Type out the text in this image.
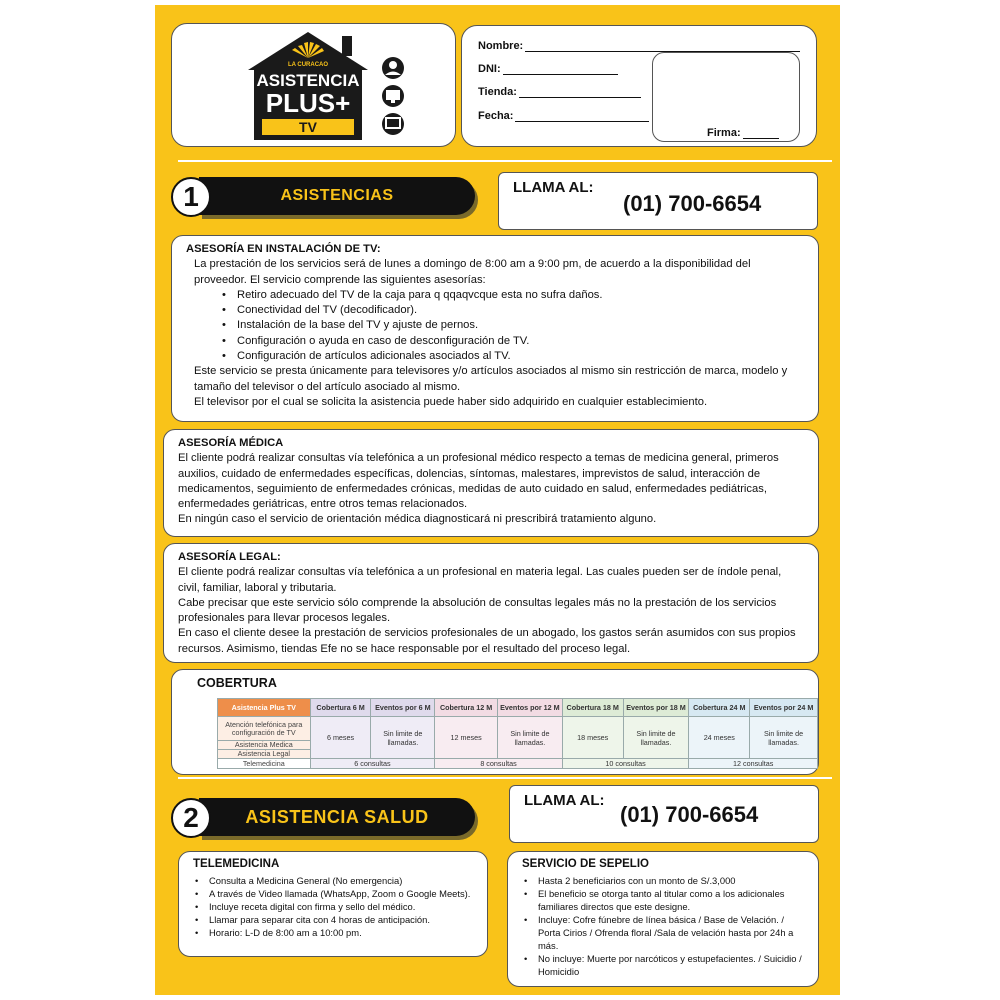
LA CURACAO
ASISTENCIA
PLUS+
TV
Nombre:
DNI:
Tienda:
Fecha:
Firma:
1	ASISTENCIAS	LLAMA AL:
(01) 700-6654
ASESORÍA EN INSTALACIÓN DE TV:
La prestación de los servicios será de lunes a domingo de 8:00 am a 9:00 pm, de acuerdo a la disponibilidad del proveedor. El servicio comprende las siguientes asesorías:
• Retiro adecuado del TV de la caja para q qqaqvcque esta no sufra daños.
• Conectividad del TV (decodificador).
• Instalación de la base del TV y ajuste de pernos.
• Configuración o ayuda en caso de desconfiguración de TV.
• Configuración de artículos adicionales asociados al TV.
Este servicio se presta únicamente para televisores y/o artículos asociados al mismo sin restricción de marca, modelo y tamaño del televisor o del artículo asociado al mismo.
El televisor por el cual se solicita la asistencia puede haber sido adquirido en cualquier establecimiento.
ASESORÍA MÉDICA
El cliente podrá realizar consultas vía telefónica a un profesional médico respecto a temas de medicina general, primeros auxilios, cuidado de enfermedades específicas, dolencias, síntomas, malestares, imprevistos de salud, interacción de medicamentos, seguimiento de enfermedades crónicas, medidas de auto cuidado en salud, enfermedades pediátricas, enfermedades geriátricas, entre otros temas relacionados.
En ningún caso el servicio de orientación médica diagnosticará ni prescribirá tratamiento alguno.
ASESORÍA LEGAL:
El cliente podrá realizar consultas vía telefónica a un profesional en materia legal. Las cuales pueden ser de índole penal, civil, familiar, laboral y tributaria.
Cabe precisar que este servicio sólo comprende la absolución de consultas legales más no la prestación de los servicios profesionales para llevar procesos legales.
En caso el cliente desee la prestación de servicios profesionales de un abogado, los gastos serán asumidos con sus propios recursos. Asimismo, tiendas Efe no se hace responsable por el resultado del proceso legal.
COBERTURA
Asistencia Plus TV	Cobertura 6 M	Eventos por 6 M	Cobertura 12 M	Eventos por 12 M	Cobertura 18 M	Eventos por 18 M	Cobertura 24 M	Eventos por 24 M
Atención telefónica para configuración de TV	6 meses	Sin limite de llamadas.	12 meses	Sin limite de llamadas.	18 meses	Sin limite de llamadas.	24 meses	Sin limite de llamadas.
Asistencia Medica								
Asistencia Legal								
Telemedicina	6 consultas		8 consultas		10 consultas		12 consultas	
2	ASISTENCIA SALUD
LLAMA AL:
(01) 700-6654
TELEMEDICINA
• Consulta a Medicina General (No emergencia)
• A través de Video llamada (WhatsApp, Zoom o Google Meets).
• Incluye receta digital con firma y sello del médico.
• Llamar para separar cita con 4 horas de anticipación.
• Horario: L-D de 8:00 am a 10:00 pm.
SERVICIO DE SEPELIO
• Hasta 2 beneficiarios con un monto de S/.3,000
• El beneficio se otorga tanto al titular como a los adicionales familiares directos que este designe.
• Incluye: Cofre fúnebre de línea básica / Base de Velación. / Porta Cirios / Ofrenda floral /Sala de velación hasta por 24h a más.
• No incluye: Muerte por narcóticos y estupefacientes. / Suicidio / Homicidio
